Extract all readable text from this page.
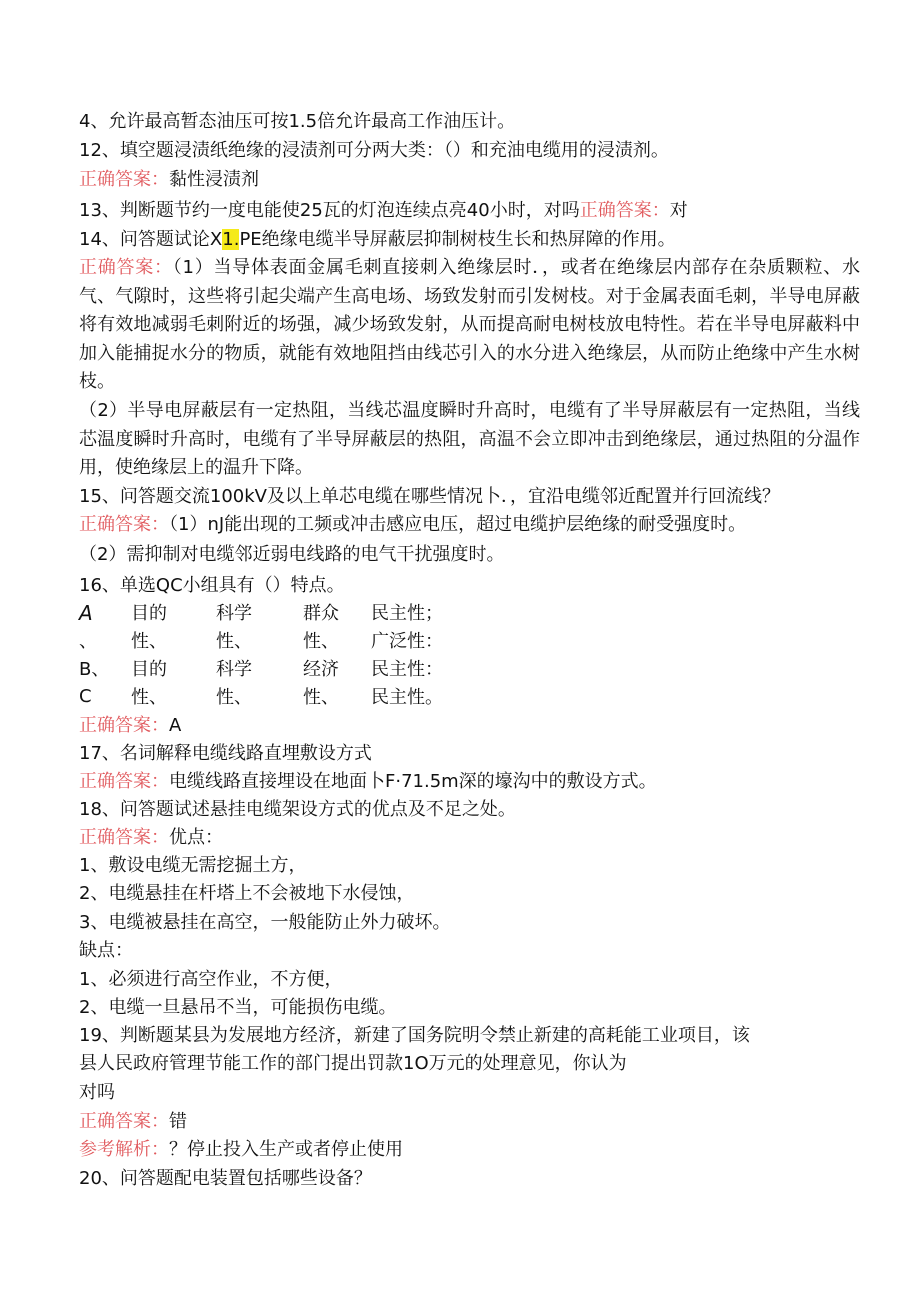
4、允许最高暂态油压可按1.5倍允许最高工作油压计。
12、填空题浸渍纸绝缘的浸渍剂可分两大类：（）和充油电缆用的浸渍剂。
正确答案：黏性浸渍剂
13、判断题节约一度电能使25瓦的灯泡连续点亮40小时，对吗正确答案：对
14、问答题试论X1.PE绝缘电缆半导屏蔽层抑制树枝生长和热屏障的作用。
正确答案：（1）当导体表面金属毛刺直接刺入绝缘层时．，或者在绝缘层内部存在杂质颗粒、水气、气隙时，这些将引起尖端产生高电场、场致发射而引发树枝。对于金属表面毛刺，半导电屏蔽将有效地减弱毛刺附近的场强，减少场致发射，从而提高耐电树枝放电特性。若在半导电屏蔽料中加入能捕捉水分的物质，就能有效地阻挡由线芯引入的水分进入绝缘层，从而防止绝缘中产生水树枝。
（2）半导电屏蔽层有一定热阻，当线芯温度瞬时升高时，电缆有了半导屏蔽层有一定热阻，当线芯温度瞬时升高时，电缆有了半导屏蔽层的热阻，高温不会立即冲击到绝缘层，通过热阻的分温作用，使绝缘层上的温升下降。
15、问答题交流100kV及以上单芯电缆在哪些情况卜．，宜沿电缆邻近配置并行回流线？
正确答案：（1）nJ能出现的工频或冲击感应电压，超过电缆护层绝缘的耐受强度时。
（2）需抑制对电缆邻近弱电线路的电气干扰强度时。
16、单选QC小组具有（）特点。
A 目的	科学	群众 民主性；
、 性、	性、	性、 广泛性：
B、 目的	科学	经济 民主性：
C 性、	性、	性、 民主性。
正确答案：A
17、名词解释电缆线路直埋敷设方式
正确答案：电缆线路直接埋设在地面卜F·71.5m深的壕沟中的敷设方式。
18、问答题试述悬挂电缆架设方式的优点及不足之处。
正确答案：优点：
1、敷设电缆无需挖掘土方，
2、电缆悬挂在杆塔上不会被地下水侵蚀，
3、电缆被悬挂在高空，一般能防止外力破坏。
缺点：
1、必须进行高空作业，不方便，
2、电缆一旦悬吊不当，可能损伤电缆。
19、判断题某县为发展地方经济，新建了国务院明令禁止新建的高耗能工业项目，该
县人民政府管理节能工作的部门提出罚款1O万元的处理意见，你认为
对吗
正确答案：错
参考解析：？停止投入生产或者停止使用
20、问答题配电装置包括哪些设备？
